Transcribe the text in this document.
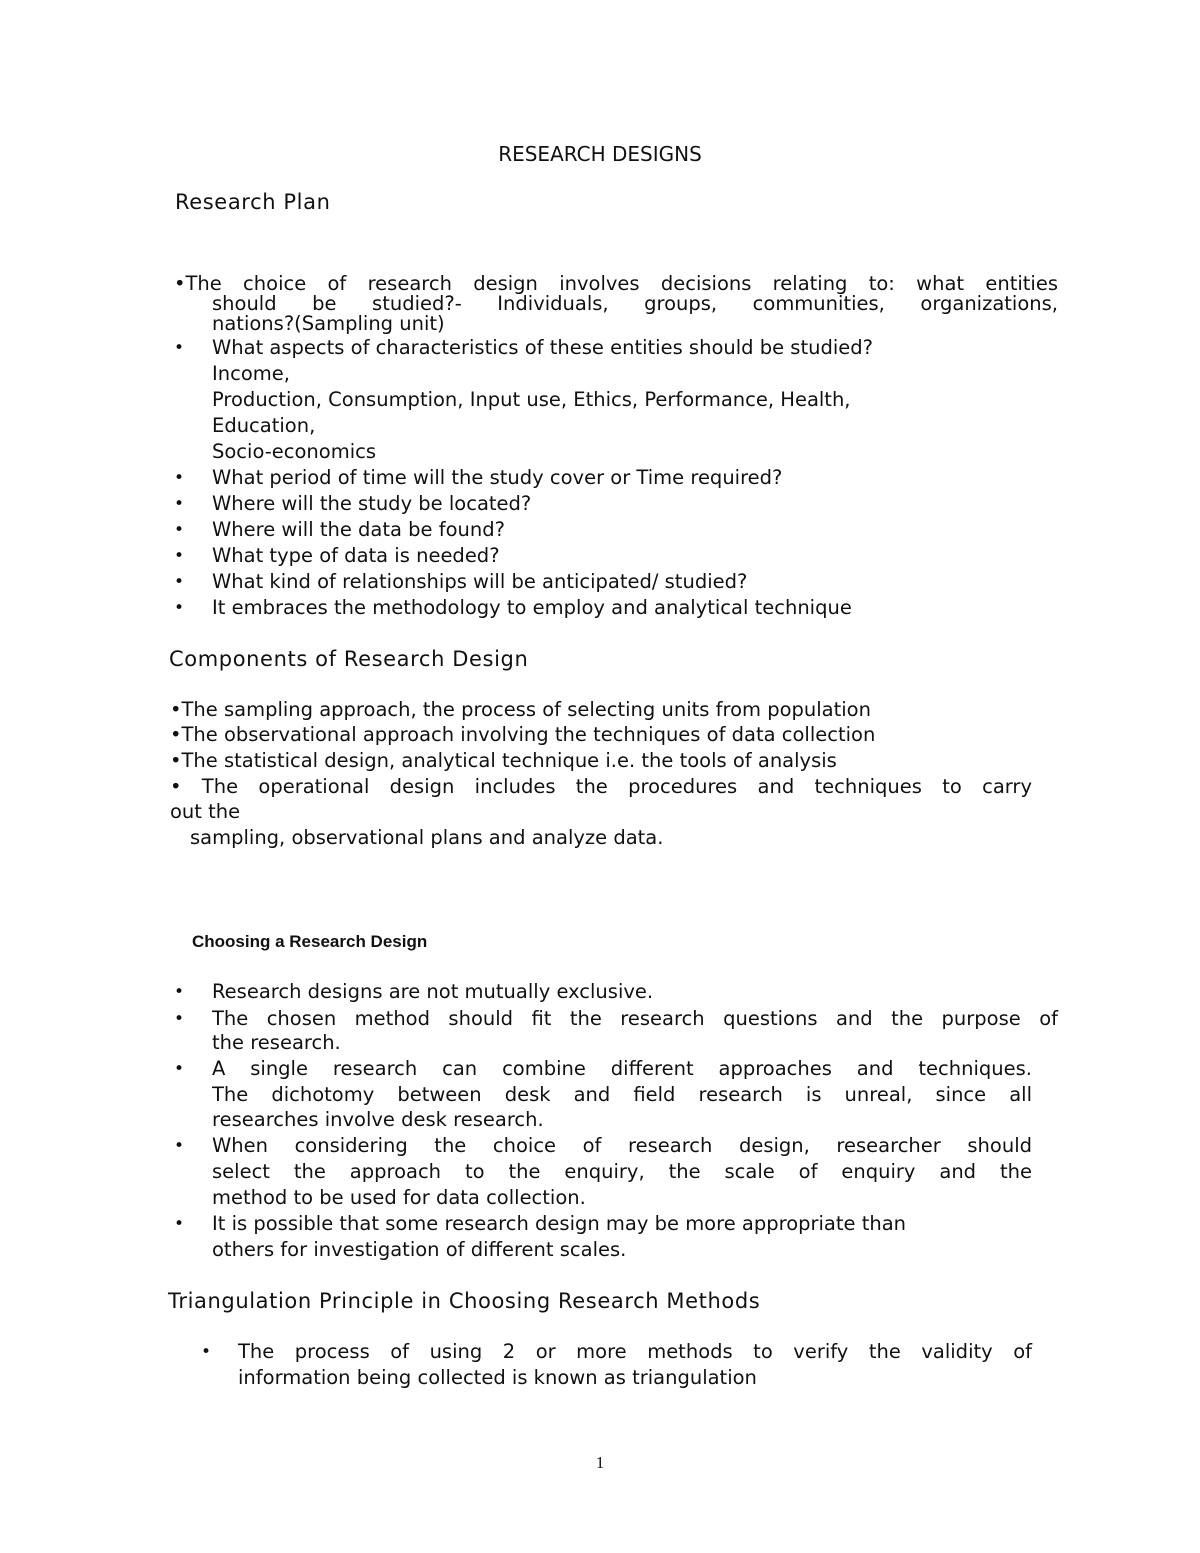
RESEARCH DESIGNS

Research Plan

•The choice of research design involves decisions relating to: what entities

should be studied?- Individuals, groups, communities, organizations,

nations?(Sampling unit)

• What aspects of characteristics of these entities should be studied?

Income,

Production, Consumption, Input use, Ethics, Performance, Health,

Education,

Socio-economics

• What period of time will the study cover or Time required?

• Where will the study be located?

• Where will the data be found?

• What type of data is needed?

• What kind of relationships will be anticipated/ studied?

• It embraces the methodology to employ and analytical technique

Components of Research Design

•The sampling approach, the process of selecting units from population

•The observational approach involving the techniques of data collection

•The statistical design, analytical technique i.e. the tools of analysis

• The operational design includes the procedures and techniques to carry

out the

sampling, observational plans and analyze data.

Choosing a Research Design

• Research designs are not mutually exclusive.

• The chosen method should fit the research questions and the purpose of

the research.

• A single research can combine different approaches and techniques.

The dichotomy between desk and field research is unreal, since all

researches involve desk research.

• When considering the choice of research design, researcher should

select the approach to the enquiry, the scale of enquiry and the

method to be used for data collection.

• It is possible that some research design may be more appropriate than

others for investigation of different scales.

Triangulation Principle in Choosing Research Methods

• The process of using 2 or more methods to verify the validity of

information being collected is known as triangulation

1
